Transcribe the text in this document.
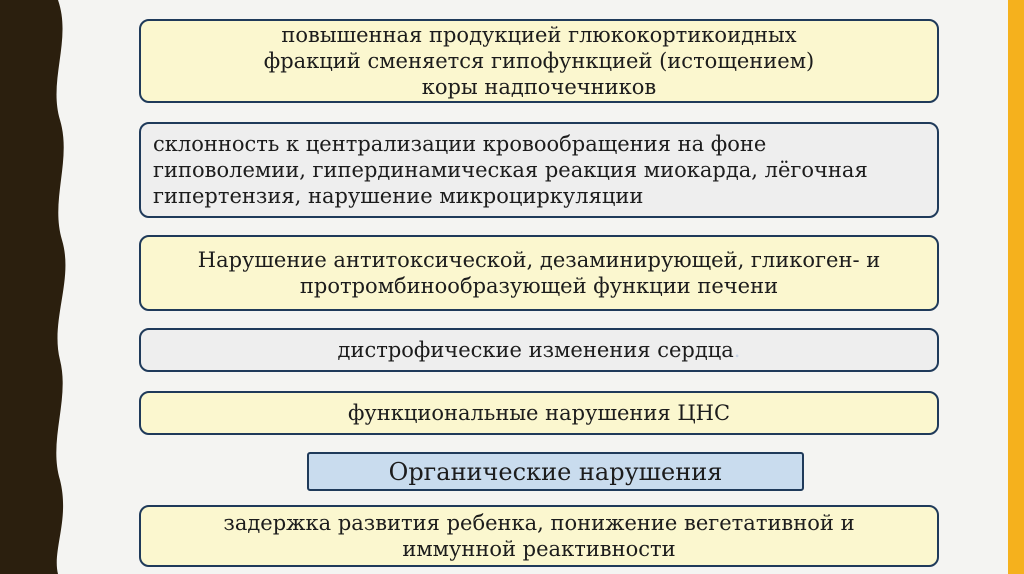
повышенная продукцией глюкокортикоидных фракций сменяется гипофункцией (истощением) коры надпочечников
склонность к централизации кровообращения на фоне гиповолемии, гипердинамическая реакция миокарда, лёгочная гипертензия, нарушение микроциркуляции
Нарушение антитоксической, дезаминирующей, гликоген- и протромбинообразующей функции печени
дистрофические изменения сердца .
функциональные нарушения ЦНС
Органические нарушения
задержка развития ребенка, понижение вегетативной и иммунной реактивности
